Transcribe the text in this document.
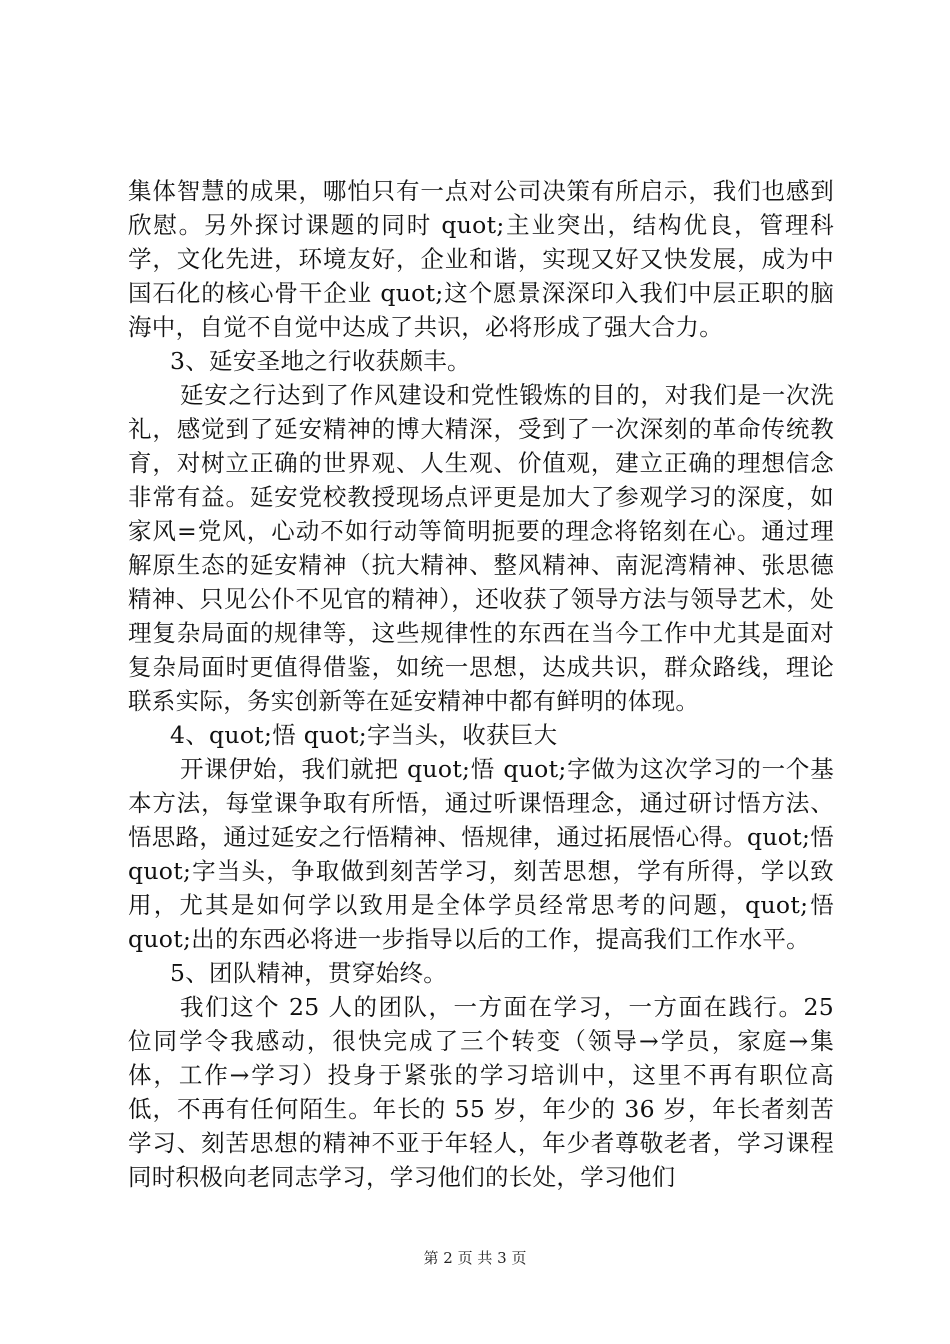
集体智慧的成果，哪怕只有一点对公司决策有所启示，我们也感到欣慰。另外探讨课题的同时 quot;主业突出，结构优良，管理科学，文化先进，环境友好，企业和谐，实现又好又快发展，成为中国石化的核心骨干企业 quot;这个愿景深深印入我们中层正职的脑海中，自觉不自觉中达成了共识，必将形成了强大合力。

3、延安圣地之行收获颇丰。

延安之行达到了作风建设和党性锻炼的目的，对我们是一次洗礼，感觉到了延安精神的博大精深，受到了一次深刻的革命传统教育，对树立正确的世界观、人生观、价值观，建立正确的理想信念非常有益。延安党校教授现场点评更是加大了参观学习的深度，如家风=党风，心动不如行动等简明扼要的理念将铭刻在心。通过理解原生态的延安精神（抗大精神、整风精神、南泥湾精神、张思德精神、只见公仆不见官的精神），还收获了领导方法与领导艺术，处理复杂局面的规律等，这些规律性的东西在当今工作中尤其是面对复杂局面时更值得借鉴，如统一思想，达成共识，群众路线，理论联系实际，务实创新等在延安精神中都有鲜明的体现。

4、quot;悟 quot;字当头，收获巨大

开课伊始，我们就把 quot;悟 quot;字做为这次学习的一个基本方法，每堂课争取有所悟，通过听课悟理念，通过研讨悟方法、悟思路，通过延安之行悟精神、悟规律，通过拓展悟心得。quot;悟 quot;字当头，争取做到刻苦学习，刻苦思想，学有所得，学以致用，尤其是如何学以致用是全体学员经常思考的问题，quot;悟 quot;出的东西必将进一步指导以后的工作，提高我们工作水平。

5、团队精神，贯穿始终。

我们这个 25 人的团队，一方面在学习，一方面在践行。25 位同学令我感动，很快完成了三个转变（领导→学员，家庭→集体，工作→学习）投身于紧张的学习培训中，这里不再有职位高低，不再有任何陌生。年长的 55 岁，年少的 36 岁，年长者刻苦学习、刻苦思想的精神不亚于年轻人，年少者尊敬老者，学习课程同时积极向老同志学习，学习他们的长处，学习他们

第 2 页 共 3 页
